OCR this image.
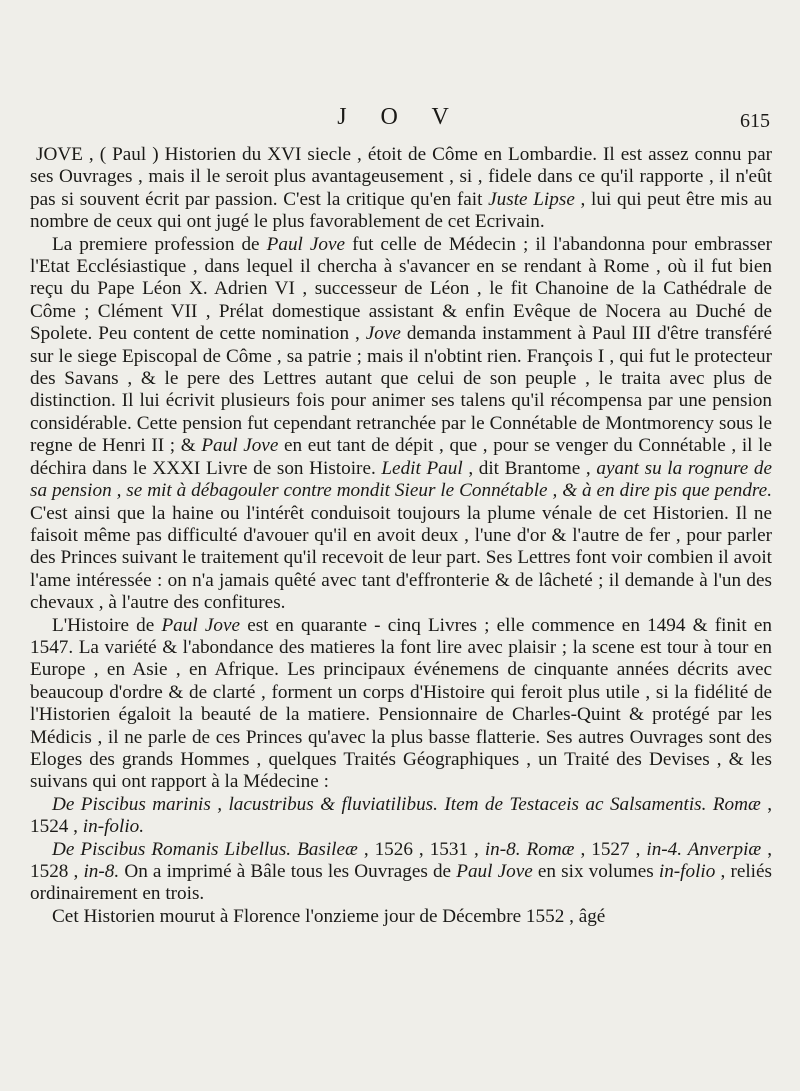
J O V	615

JOVE , ( Paul ) Historien du XVI siecle , étoit de Côme en Lombardie. Il est assez connu par ses Ouvrages , mais il le seroit plus avantageusement , si , fidele dans ce qu'il rapporte , il n'eût pas si souvent écrit par passion. C'est la critique qu'en fait Juste Lipse , lui qui peut être mis au nombre de ceux qui ont jugé le plus favorablement de cet Ecrivain.

La premiere profession de Paul Jove fut celle de Médecin ; il l'abandonna pour embrasser l'Etat Ecclésiastique , dans lequel il chercha à s'avancer en se rendant à Rome , où il fut bien reçu du Pape Léon X. Adrien VI , successeur de Léon , le fit Chanoine de la Cathédrale de Côme ; Clément VII , Prélat domestique assistant & enfin Evêque de Nocera au Duché de Spolete. Peu content de cette nomination , Jove demanda instamment à Paul III d'être transféré sur le siege Episcopal de Côme , sa patrie ; mais il n'obtint rien. François I , qui fut le protecteur des Savans , & le pere des Lettres autant que celui de son peuple , le traita avec plus de distinction. Il lui écrivit plusieurs fois pour animer ses talens qu'il récompensa par une pension considérable. Cette pension fut cependant retranchée par le Connétable de Montmorency sous le regne de Henri II ; & Paul Jove en eut tant de dépit , que , pour se venger du Connétable , il le déchira dans le XXXI Livre de son Histoire. Ledit Paul , dit Brantome , ayant su la rognure de sa pension , se mit à débagouler contre mondit Sieur le Connétable , & à en dire pis que pendre. C'est ainsi que la haine ou l'intérêt conduisoit toujours la plume vénale de cet Historien. Il ne faisoit même pas difficulté d'avouer qu'il en avoit deux , l'une d'or & l'autre de fer , pour parler des Princes suivant le traitement qu'il recevoit de leur part. Ses Lettres font voir combien il avoit l'ame intéressée : on n'a jamais quêté avec tant d'effronterie & de lâcheté ; il demande à l'un des chevaux , à l'autre des confitures.

L'Histoire de Paul Jove est en quarante - cinq Livres ; elle commence en 1494 & finit en 1547. La variété & l'abondance des matieres la font lire avec plaisir ; la scene est tour à tour en Europe , en Asie , en Afrique. Les principaux événemens de cinquante années décrits avec beaucoup d'ordre & de clarté , forment un corps d'Histoire qui feroit plus utile , si la fidélité de l'Historien égaloit la beauté de la matiere. Pensionnaire de Charles-Quint & protégé par les Médicis , il ne parle de ces Princes qu'avec la plus basse flatterie. Ses autres Ouvrages sont des Eloges des grands Hommes , quelques Traités Géographiques , un Traité des Devises , & les suivans qui ont rapport à la Médecine :

De Piscibus marinis , lacustribus & fluviatilibus. Item de Testaceis ac Salsamentis. Romæ , 1524 , in-folio.

De Piscibus Romanis Libellus. Basileæ , 1526 , 1531 , in-8. Romæ , 1527 , in-4. Anverpiæ , 1528 , in-8. On a imprimé à Bâle tous les Ouvrages de Paul Jove en six volumes in-folio , reliés ordinairement en trois.

Cet Historien mourut à Florence l'onzieme jour de Décembre 1552 , âgé
